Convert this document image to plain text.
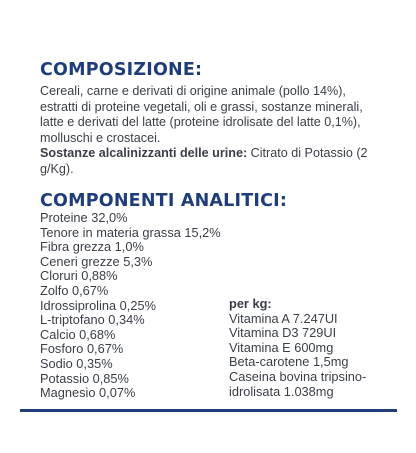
COMPOSIZIONE:

Cereali, carne e derivati di origine animale (pollo 14%), estratti di proteine vegetali, oli e grassi, sostanze minerali, latte e derivati del latte (proteine idrolisate del latte 0,1%), molluschi e crostacei.
Sostanze alcalinizzanti delle urine: Citrato di Potassio (2 g/Kg).

COMPONENTI ANALITICI:
Proteine 32,0%
Tenore in materia grassa 15,2%
Fibra grezza 1,0%
Ceneri grezze 5,3%
Cloruri 0,88%
Zolfo 0,67%
Idrossiprolina 0,25%
L-triptofano 0,34%
Calcio 0,68%
Fosforo 0,67%
Sodio 0,35%
Potassio 0,85%
Magnesio 0,07%
per kg:
Vitamina A 7.247UI
Vitamina D3 729UI
Vitamina E 600mg
Beta-carotene 1,5mg
Caseina bovina tripsino-
idrolisata 1.038mg
